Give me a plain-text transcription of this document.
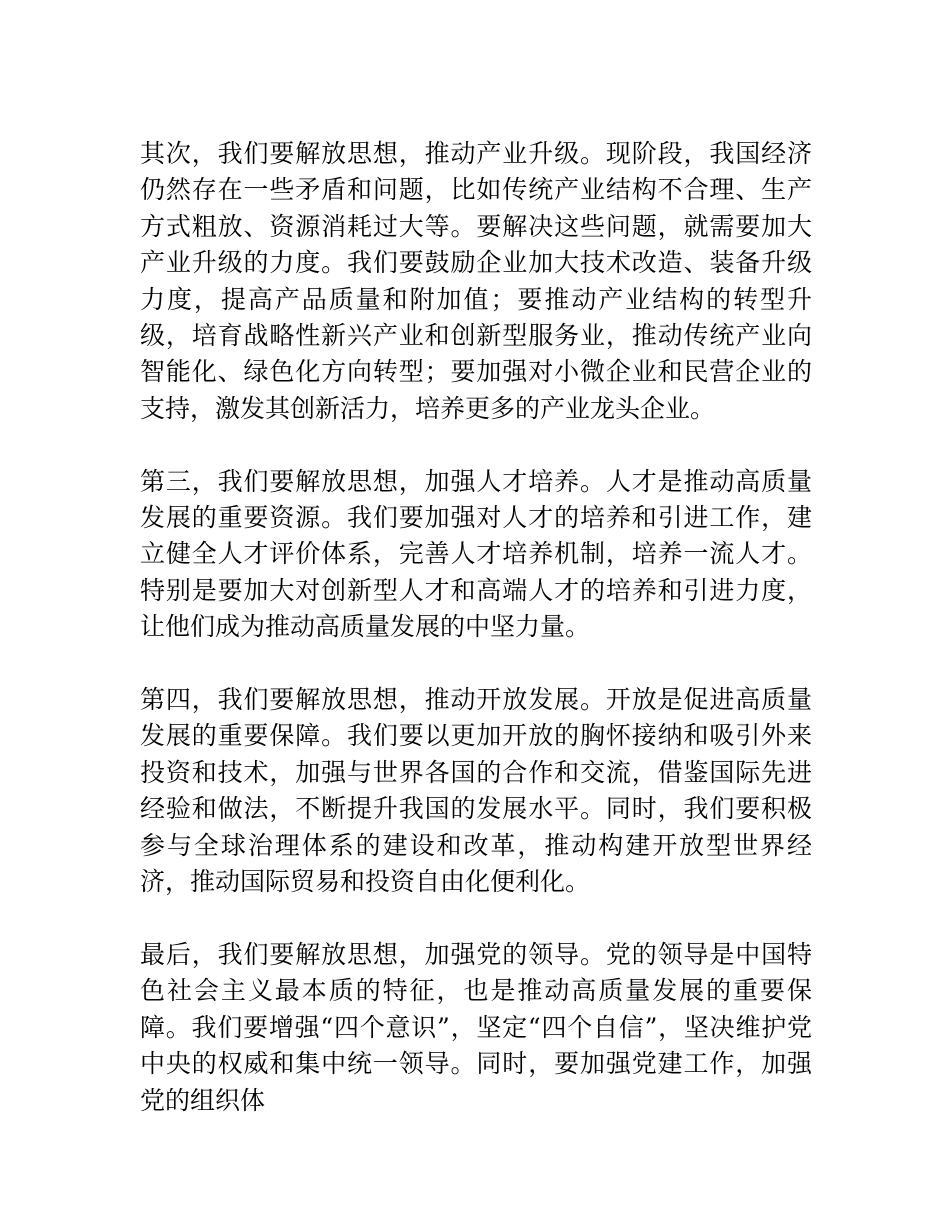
其次，我们要解放思想，推动产业升级。现阶段，我国经济仍然存在一些矛盾和问题，比如传统产业结构不合理、生产方式粗放、资源消耗过大等。要解决这些问题，就需要加大产业升级的力度。我们要鼓励企业加大技术改造、装备升级力度，提高产品质量和附加值；要推动产业结构的转型升级，培育战略性新兴产业和创新型服务业，推动传统产业向智能化、绿色化方向转型；要加强对小微企业和民营企业的支持，激发其创新活力，培养更多的产业龙头企业。

第三，我们要解放思想，加强人才培养。人才是推动高质量发展的重要资源。我们要加强对人才的培养和引进工作，建立健全人才评价体系，完善人才培养机制，培养一流人才。特别是要加大对创新型人才和高端人才的培养和引进力度，让他们成为推动高质量发展的中坚力量。

第四，我们要解放思想，推动开放发展。开放是促进高质量发展的重要保障。我们要以更加开放的胸怀接纳和吸引外来投资和技术，加强与世界各国的合作和交流，借鉴国际先进经验和做法，不断提升我国的发展水平。同时，我们要积极参与全球治理体系的建设和改革，推动构建开放型世界经济，推动国际贸易和投资自由化便利化。

最后，我们要解放思想，加强党的领导。党的领导是中国特色社会主义最本质的特征，也是推动高质量发展的重要保障。我们要增强“四个意识”，坚定“四个自信”，坚决维护党中央的权威和集中统一领导。同时，要加强党建工作，加强党的组织体
